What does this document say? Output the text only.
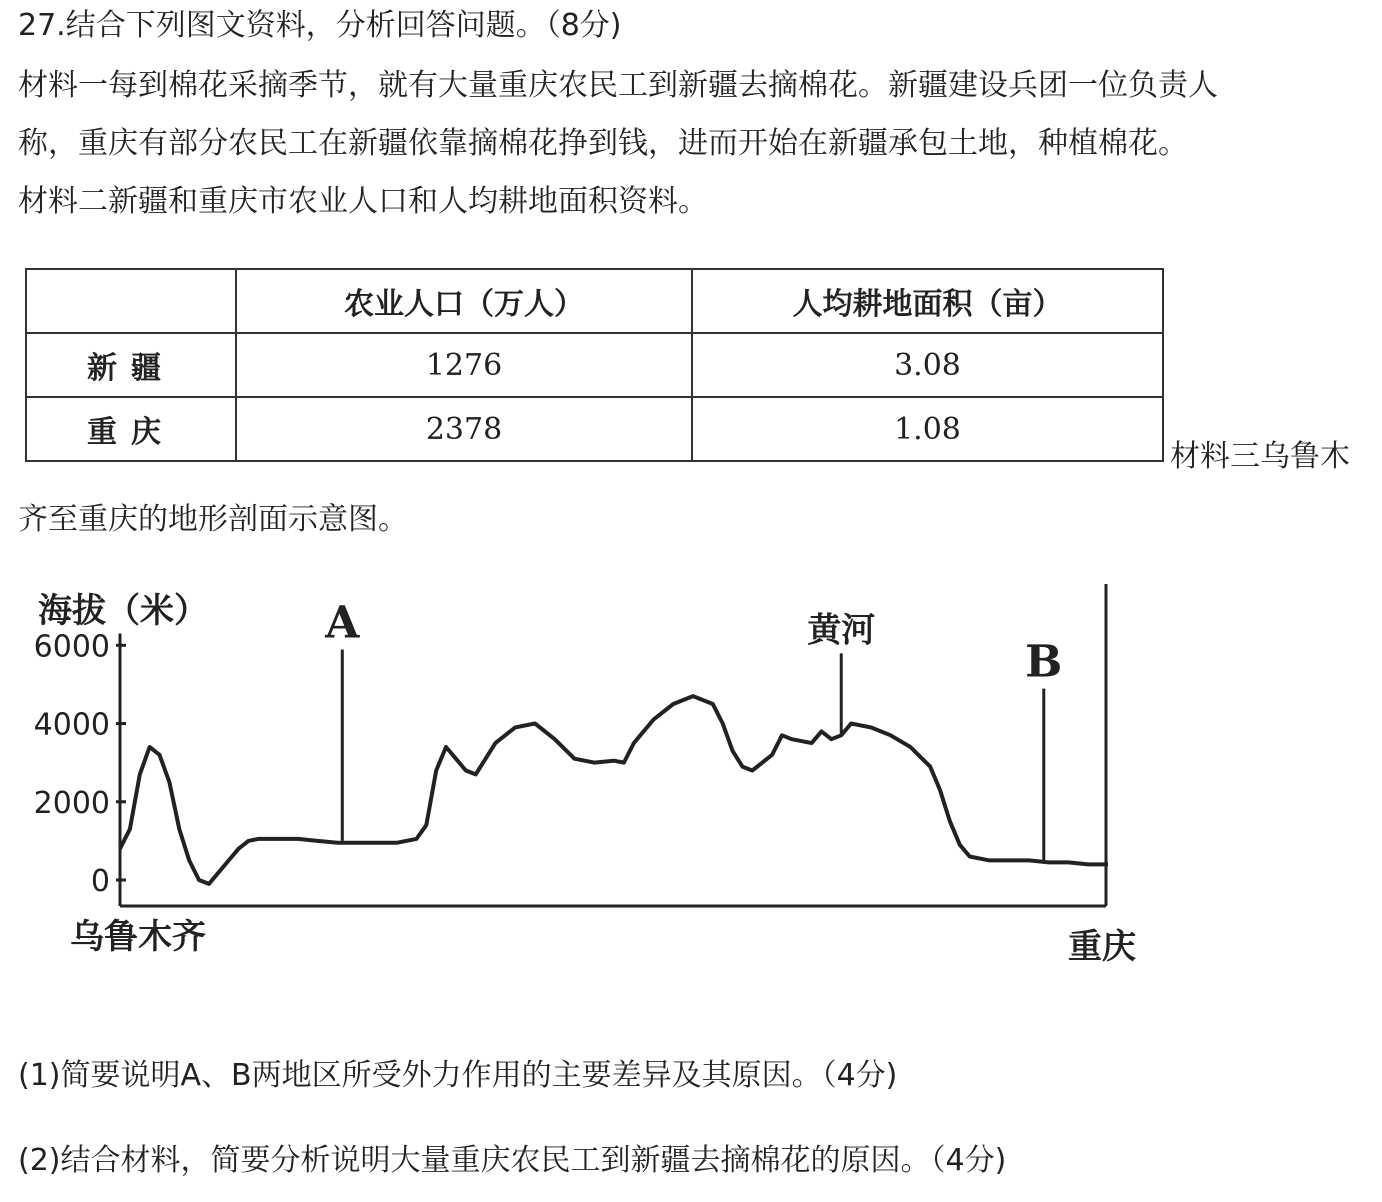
27.结合下列图文资料，分析回答问题。（8分)
材料一每到棉花采摘季节，就有大量重庆农民工到新疆去摘棉花。新疆建设兵团一位负责人
称，重庆有部分农民工在新疆依靠摘棉花挣到钱，进而开始在新疆承包土地，种植棉花。
材料二新疆和重庆市农业人口和人均耕地面积资料。
	农业人口（万人）	人均耕地面积（亩）
新疆	1276	3.08
重庆	2378	1.08
材料三乌鲁木
齐至重庆的地形剖面示意图。
海拔（米）
6000
4000
2000
0
A	黄河
B
乌鲁木齐	重庆
(1)简要说明A、B两地区所受外力作用的主要差异及其原因。（4分)
(2)结合材料，简要分析说明大量重庆农民工到新疆去摘棉花的原因。（4分)
